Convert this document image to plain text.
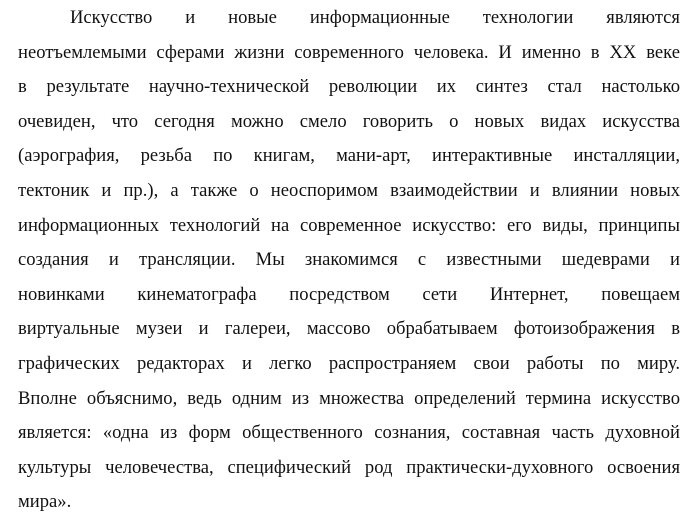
Искусство и новые информационные технологии являются
неотъемлемыми сферами жизни современного человека. И именно в XX веке
в результате научно-технической революции их синтез стал настолько
очевиден, что сегодня можно смело говорить о новых видах искусства
(аэрография, резьба по книгам, мани-арт, интерактивные инсталляции,
тектоник и пр.), а также о неоспоримом взаимодействии и влиянии новых
информационных технологий на современное искусство: его виды, принципы
создания и трансляции. Мы знакомимся с известными шедеврами и
новинками кинематографа посредством сети Интернет, повещаем
виртуальные музеи и галереи, массово обрабатываем фотоизображения в
графических редакторах и легко распространяем свои работы по миру.
Вполне объяснимо, ведь одним из множества определений термина искусство
является: «одна из форм общественного сознания, составная часть духовной
культуры человечества, специфический род практически-духовного освоения
мира».
